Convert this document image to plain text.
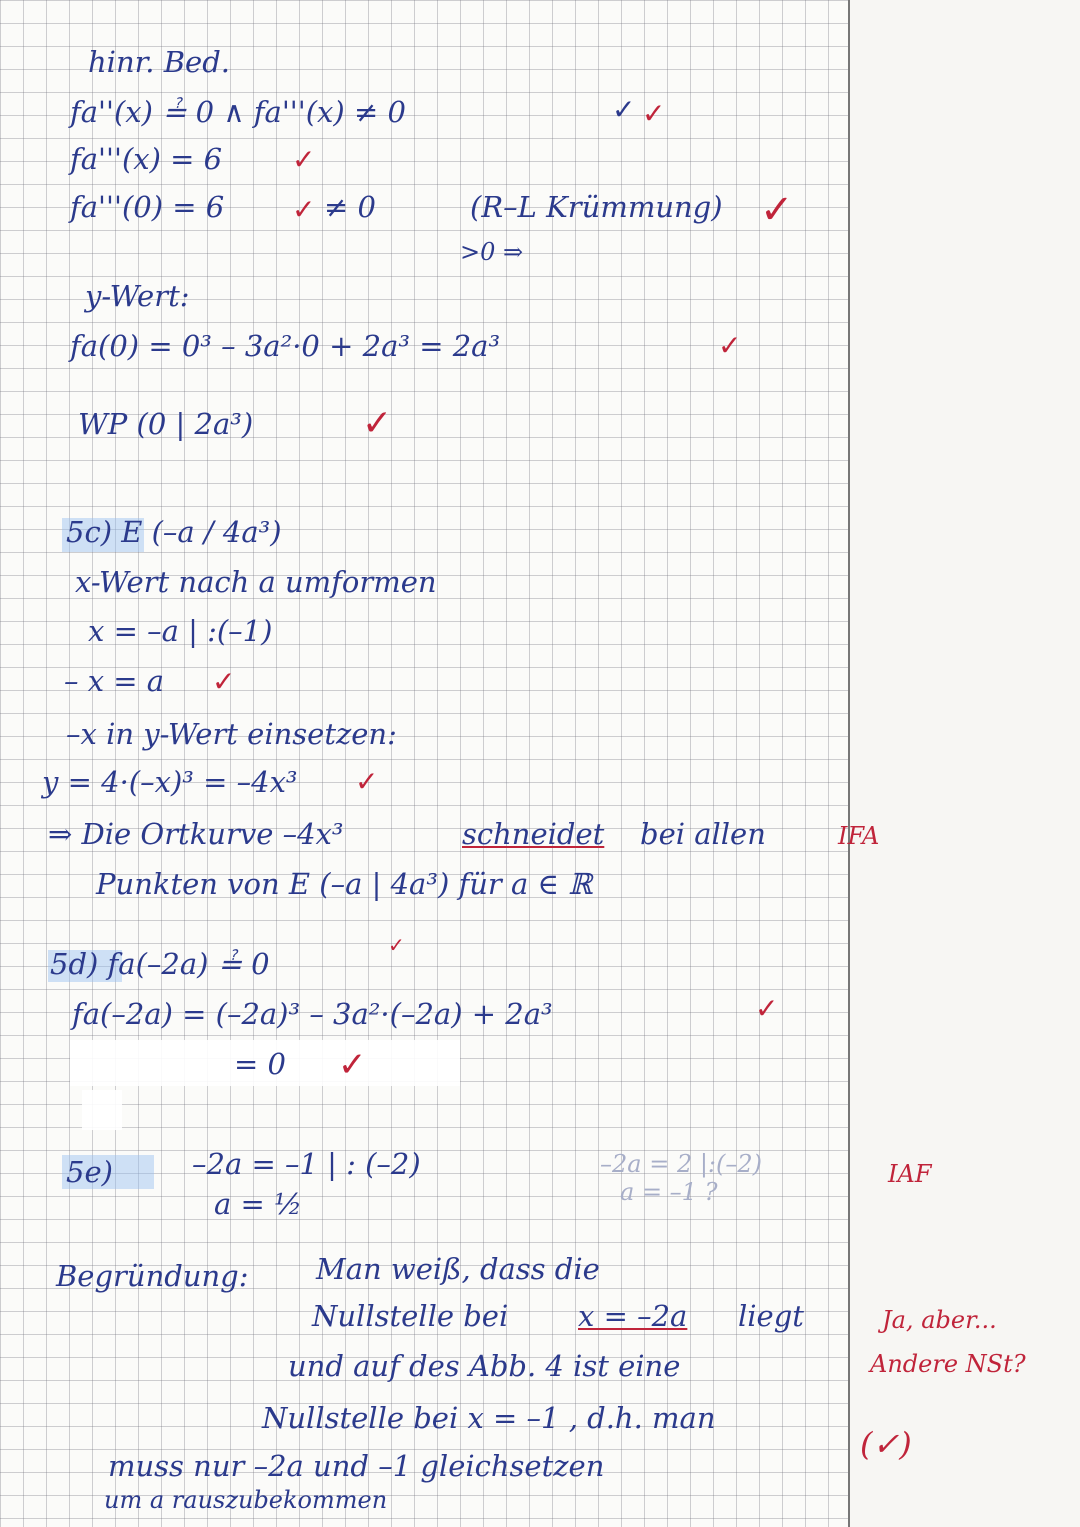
hinr. Bed.
fa''(x) ≟ 0 ∧ fa'''(x) ≠ 0	✓ ✓
fa'''(x) = 6 ✓
fa'''(0) = 6 ✓ ≠ 0	(R–L Krümmung) ✓
>0 ⇒
y-Wert:
fa(0) = 0³ – 3a²·0 + 2a³ = 2a³	✓
WP (0 | 2a³)	✓
5c) E (–a / 4a³)
x-Wert nach a umformen
x = –a | :(–1)
– x = a ✓
–x in y-Wert einsetzen:
y = 4·(–x)³ = –4x³ ✓
⇒ Die Ortkurve –4x³	schneidet bei allen	IFA
Punkten von E (–a | 4a³) für a ∈ ℝ
5d) fa(–2a) ≟ 0
✓
fa(–2a) = (–2a)³ – 3a²·(–2a) + 2a³	✓
= 0 ✓
5e)	–2a = –1 | : (–2)
a = ½
–2a = 2 |:(–2)
a = –1 ?
IAF
Begründung: Man weiß, dass die
Nullstelle bei x = –2a liegt	Ja, aber...
und auf des Abb. 4 ist eine	Andere NSt?
Nullstelle bei x = –1 , d.h. man
(✓)
muss nur –2a und –1 gleichsetzen
um a rauszubekommen
